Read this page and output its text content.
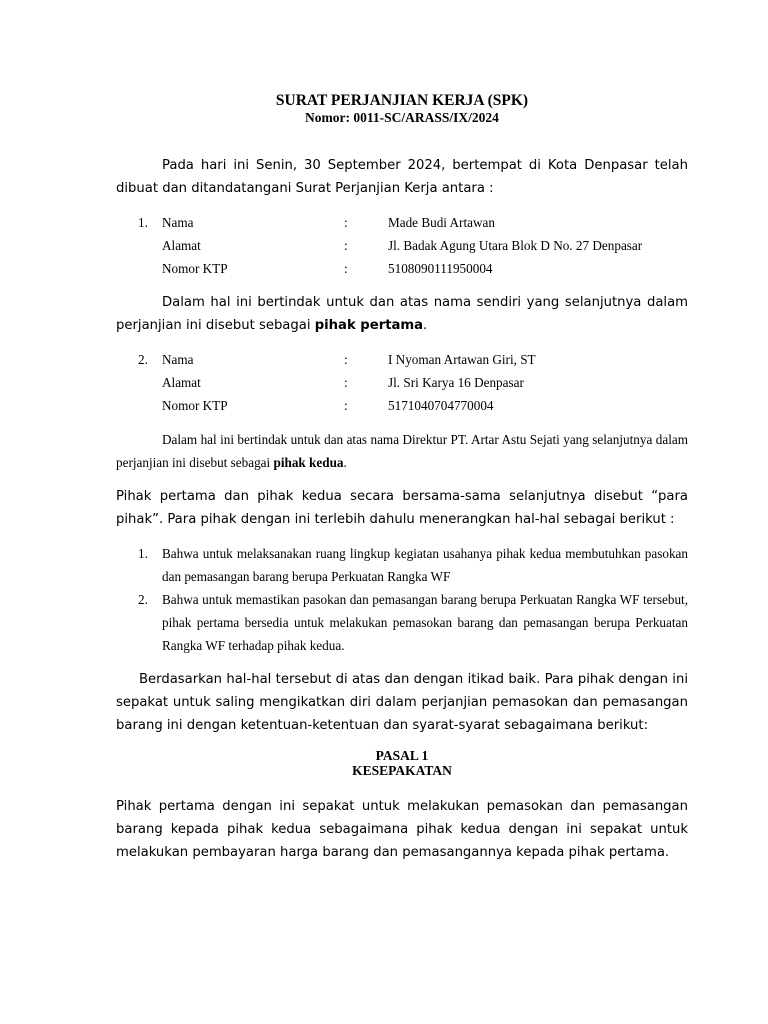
SURAT PERJANJIAN KERJA (SPK)
Nomor: 0011-SC/ARASS/IX/2024

Pada hari ini Senin, 30 September 2024, bertempat di Kota Denpasar telah dibuat dan ditandatangani Surat Perjanjian Kerja antara :

1.	Nama	:	Made Budi Artawan
Alamat	:	Jl. Badak Agung Utara Blok D No. 27 Denpasar
Nomor KTP	:	5108090111950004

Dalam hal ini bertindak untuk dan atas nama sendiri yang selanjutnya dalam perjanjian ini disebut sebagai pihak pertama.

2.	Nama	:	I Nyoman Artawan Giri, ST
Alamat	:	Jl. Sri Karya 16 Denpasar
Nomor KTP	:	5171040704770004

Dalam hal ini bertindak untuk dan atas nama Direktur PT. Artar Astu Sejati yang selanjutnya dalam perjanjian ini disebut sebagai pihak kedua.

Pihak pertama dan pihak kedua secara bersama-sama selanjutnya disebut “para pihak”. Para pihak dengan ini terlebih dahulu menerangkan hal-hal sebagai berikut :

1.	Bahwa untuk melaksanakan ruang lingkup kegiatan usahanya pihak kedua membutuhkan pasokan dan pemasangan barang berupa Perkuatan Rangka WF
2.	Bahwa untuk memastikan pasokan dan pemasangan barang berupa Perkuatan Rangka WF tersebut, pihak pertama bersedia untuk melakukan pemasokan barang dan pemasangan berupa Perkuatan Rangka WF terhadap pihak kedua.

Berdasarkan hal-hal tersebut di atas dan dengan itikad baik. Para pihak dengan ini sepakat untuk saling mengikatkan diri dalam perjanjian pemasokan dan pemasangan barang ini dengan ketentuan-ketentuan dan syarat-syarat sebagaimana berikut:

PASAL 1
KESEPAKATAN

Pihak pertama dengan ini sepakat untuk melakukan pemasokan dan pemasangan barang kepada pihak kedua sebagaimana pihak kedua dengan ini sepakat untuk melakukan pembayaran harga barang dan pemasangannya kepada pihak pertama.
